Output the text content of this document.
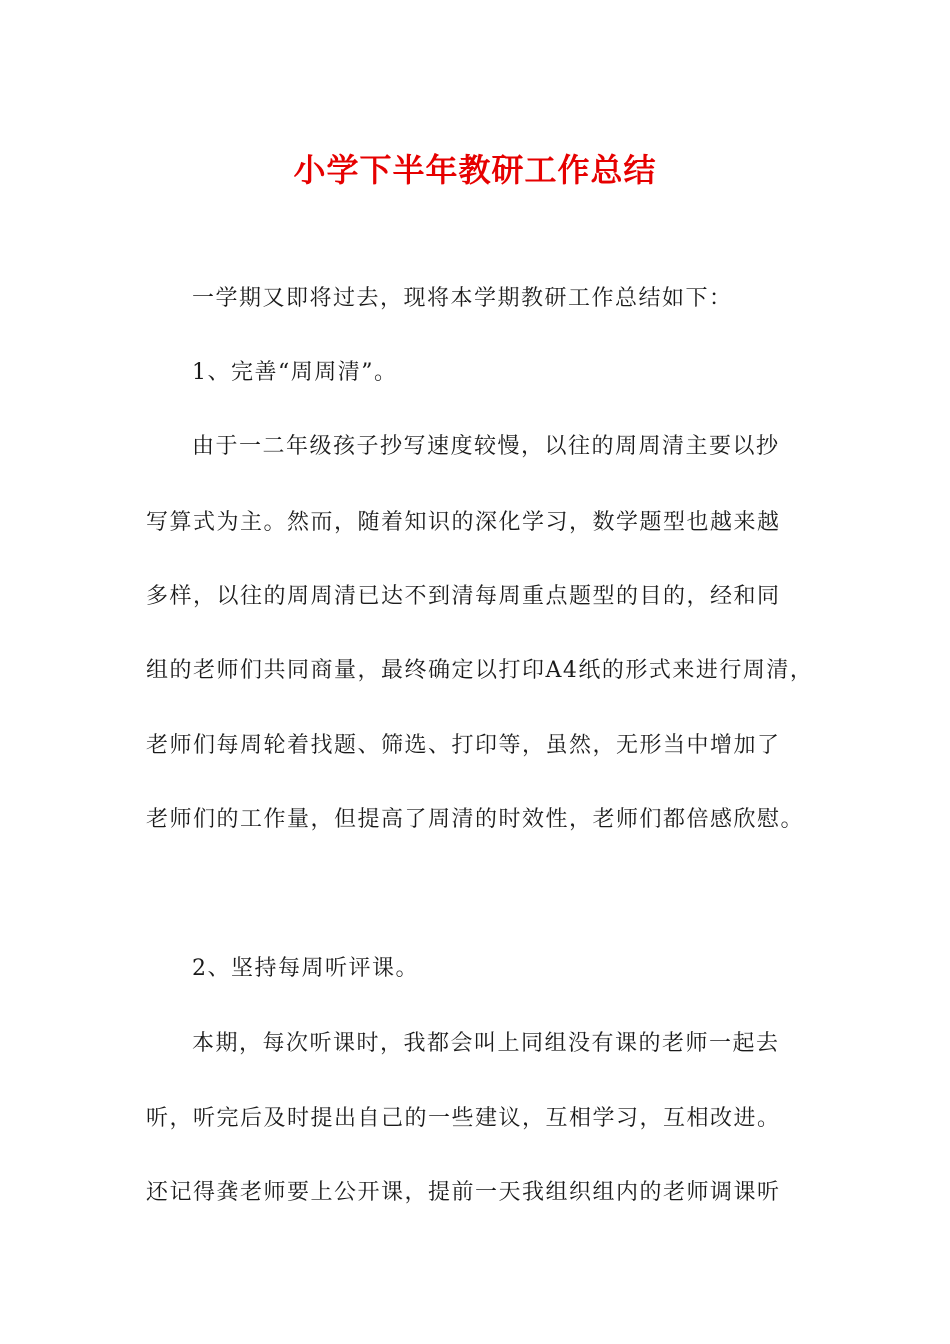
小学下半年教研工作总结

一学期又即将过去，现将本学期教研工作总结如下：

1、完善“周周清”。

由于一二年级孩子抄写速度较慢，以往的周周清主要以抄

写算式为主。然而，随着知识的深化学习，数学题型也越来越

多样，以往的周周清已达不到清每周重点题型的目的，经和同

组的老师们共同商量，最终确定以打印A4纸的形式来进行周清，

老师们每周轮着找题、筛选、打印等，虽然，无形当中增加了

老师们的工作量，但提高了周清的时效性，老师们都倍感欣慰。

2、坚持每周听评课。

本期，每次听课时，我都会叫上同组没有课的老师一起去

听，听完后及时提出自己的一些建议，互相学习，互相改进。

还记得龚老师要上公开课，提前一天我组织组内的老师调课听
